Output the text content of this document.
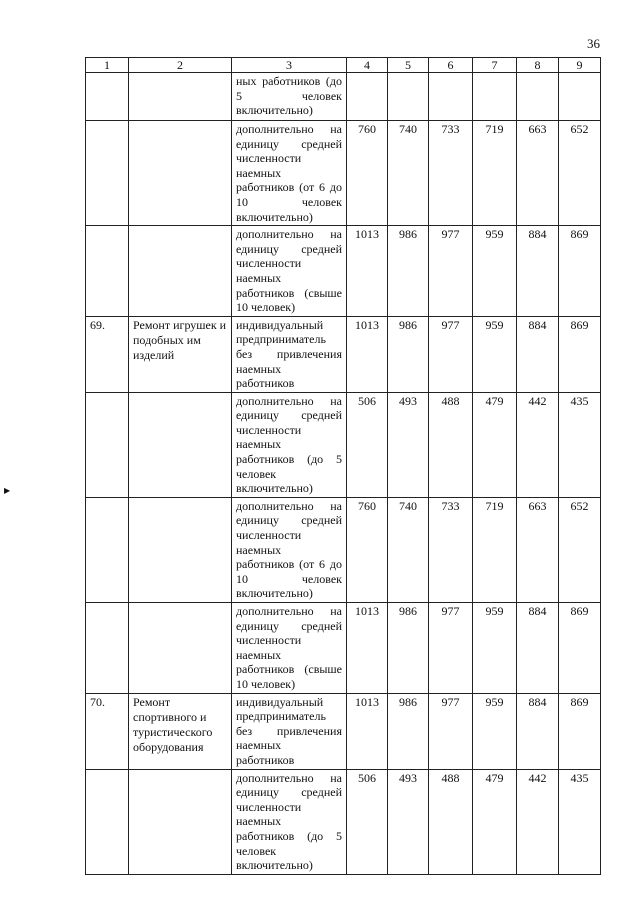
36
▶
1	2	3	4	5	6	7	8	9
		ных работников (до 5 человек включительно)						
		дополнительно на единицу средней численности наемных работников (от 6 до 10 человек включительно)	760	740	733	719	663	652
		дополнительно на единицу средней численности наемных работников (свыше 10 человек)	1013	986	977	959	884	869
69.	Ремонт игрушек и подобных им изделий	индивидуальный предприниматель без привлечения наемных работников	1013	986	977	959	884	869
		дополнительно на единицу средней численности наемных работников (до 5 человек включительно)	506	493	488	479	442	435
		дополнительно на единицу средней численности наемных работников (от 6 до 10 человек включительно)	760	740	733	719	663	652
		дополнительно на единицу средней численности наемных работников (свыше 10 человек)	1013	986	977	959	884	869
70.	Ремонт спортивного и туристического оборудования	индивидуальный предприниматель без привлечения наемных работников	1013	986	977	959	884	869
		дополнительно на единицу средней численности наемных работников (до 5 человек включительно)	506	493	488	479	442	435
